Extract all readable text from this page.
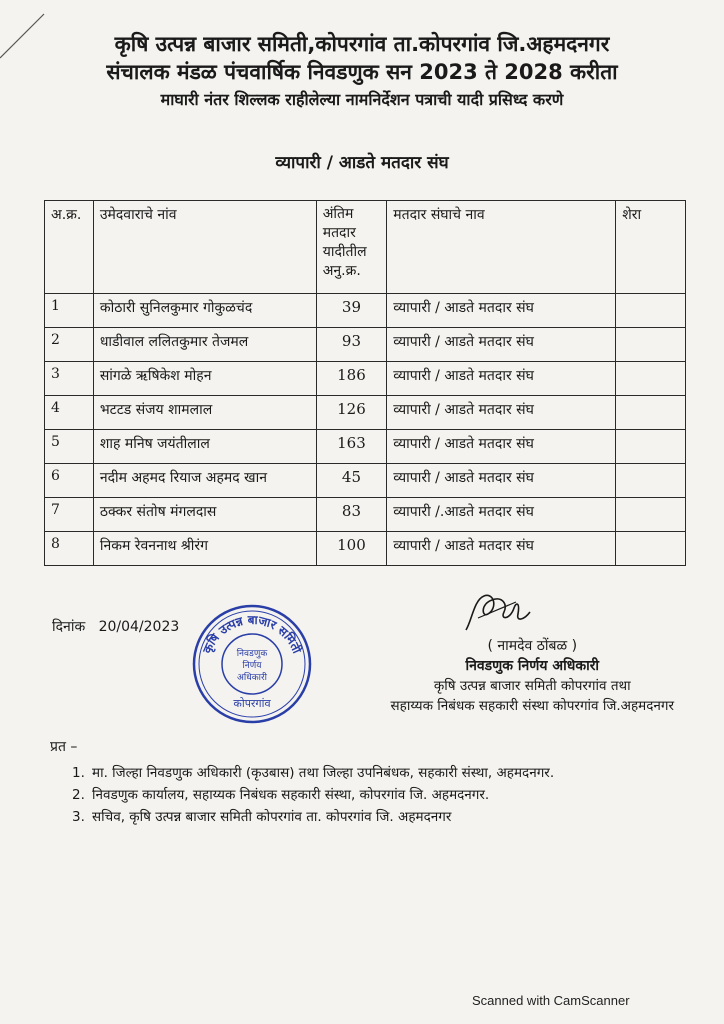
कृषि उत्पन्न बाजार समिती,कोपरगांव ता.कोपरगांव जि.अहमदनगर
संचालक मंडळ पंचवार्षिक निवडणुक सन 2023 ते 2028 करीता
माघारी नंतर शिल्लक राहीलेल्या नामनिर्देशन पत्राची यादी प्रसिध्द करणे
व्यापारी / आडते मतदार संघ
अ.क्र.	उमेदवाराचे नांव	अंतिम
मतदार
यादीतील
अनु.क्र.	मतदार संघाचे नाव	शेरा
1	कोठारी सुनिलकुमार गोकुळचंद	39	व्यापारी / आडते मतदार संघ	
2	धाडीवाल ललितकुमार तेजमल	93	व्यापारी / आडते मतदार संघ	
3	सांगळे ऋषिकेश मोहन	186	व्यापारी / आडते मतदार संघ	
4	भटटड संजय शामलाल	126	व्यापारी / आडते मतदार संघ	
5	शाह मनिष जयंतीलाल	163	व्यापारी / आडते मतदार संघ	
6	नदीम अहमद रियाज अहमद खान	45	व्यापारी / आडते मतदार संघ	
7	ठक्कर संतोष मंगलदास	83	व्यापारी /.आडते मतदार संघ	
8	निकम रेवननाथ श्रीरंग	100	व्यापारी / आडते मतदार संघ	
दिनांक 20/04/2023
कृषि उत्पन्न बाजार समिती
निवडणुक
निर्णय
अधिकारी
कोपरगांव
( नामदेव ठोंबळ )
निवडणुक निर्णय अधिकारी
कृषि उत्पन्न बाजार समिती कोपरगांव तथा
सहाय्यक निबंधक सहकारी संस्था कोपरगांव जि.अहमदनगर
प्रत –
1. मा. जिल्हा निवडणुक अधिकारी (कृउबास) तथा जिल्हा उपनिबंधक, सहकारी संस्था, अहमदनगर.
2. निवडणुक कार्यालय, सहाय्यक निबंधक सहकारी संस्था, कोपरगांव जि. अहमदनगर.
3. सचिव, कृषि उत्पन्न बाजार समिती कोपरगांव ता. कोपरगांव जि. अहमदनगर
Scanned with CamScanner
